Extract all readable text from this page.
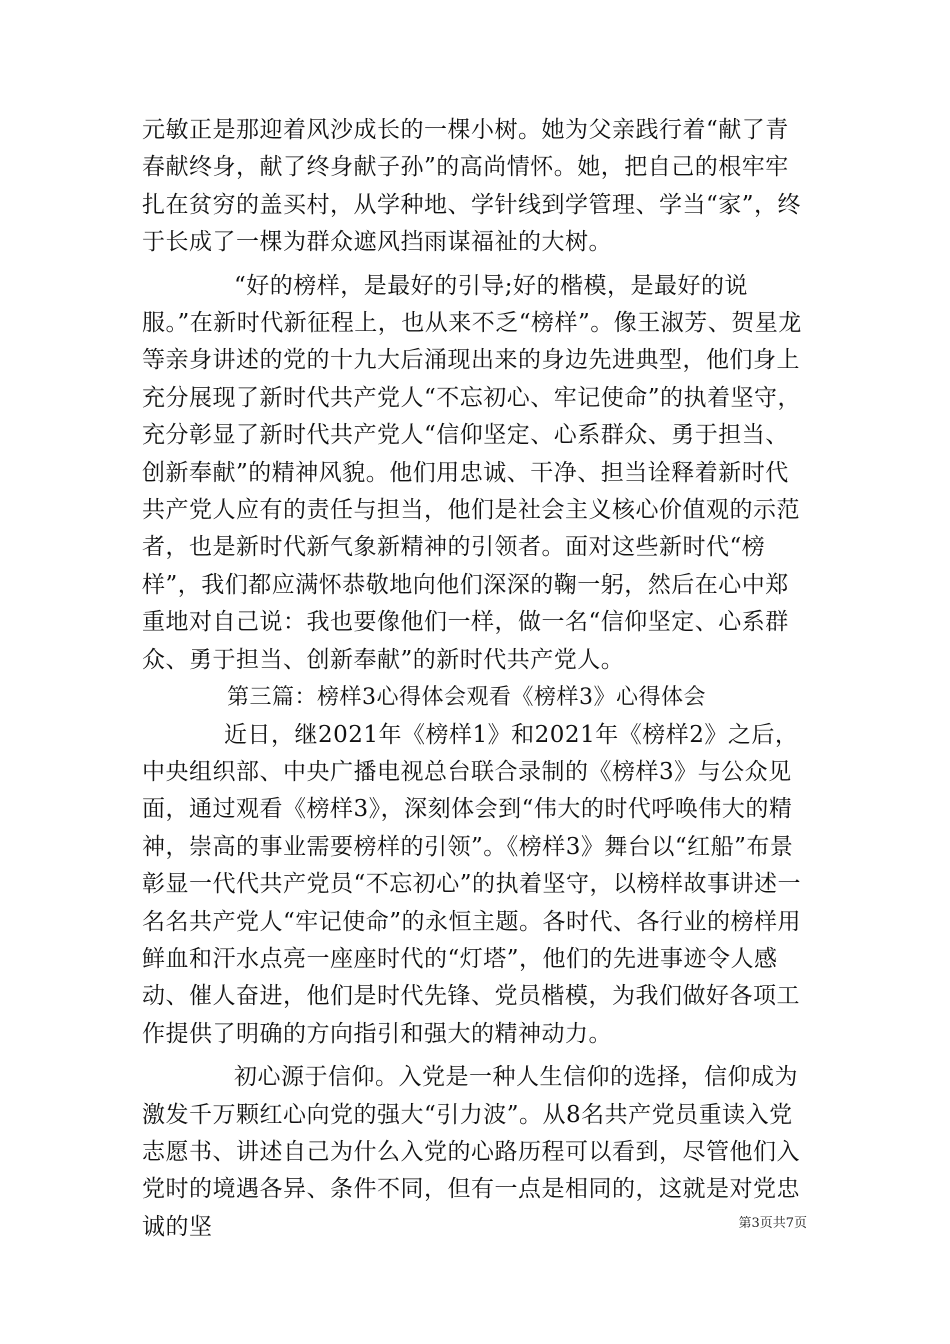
元敏正是那迎着风沙成长的一棵小树。她为父亲践行着“献了青春献终身，献了终身献子孙”的高尚情怀。她，把自己的根牢牢扎在贫穷的盖买村，从学种地、学针线到学管理、学当“家”，终于长成了一棵为群众遮风挡雨谋福祉的大树。

“好的榜样，是最好的引导;好的楷模，是最好的说服。”在新时代新征程上，也从来不乏“榜样”。像王淑芳、贺星龙等亲身讲述的党的十九大后涌现出来的身边先进典型，他们身上充分展现了新时代共产党人“不忘初心、牢记使命”的执着坚守，充分彰显了新时代共产党人“信仰坚定、心系群众、勇于担当、创新奉献”的精神风貌。他们用忠诚、干净、担当诠释着新时代共产党人应有的责任与担当，他们是社会主义核心价值观的示范者，也是新时代新气象新精神的引领者。面对这些新时代“榜样”，我们都应满怀恭敬地向他们深深的鞠一躬，然后在心中郑重地对自己说：我也要像他们一样，做一名“信仰坚定、心系群众、勇于担当、创新奉献”的新时代共产党人。

第三篇：榜样3心得体会观看《榜样3》心得体会

近日，继2021年《榜样1》和2021年《榜样2》之后，中央组织部、中央广播电视总台联合录制的《榜样3》与公众见面，通过观看《榜样3》，深刻体会到“伟大的时代呼唤伟大的精神，崇高的事业需要榜样的引领”。《榜样3》舞台以“红船”布景彰显一代代共产党员“不忘初心”的执着坚守，以榜样故事讲述一名名共产党人“牢记使命”的永恒主题。各时代、各行业的榜样用鲜血和汗水点亮一座座时代的“灯塔”，他们的先进事迹令人感动、催人奋进，他们是时代先锋、党员楷模，为我们做好各项工作提供了明确的方向指引和强大的精神动力。

初心源于信仰。入党是一种人生信仰的选择，信仰成为激发千万颗红心向党的强大“引力波”。从8名共产党员重读入党志愿书、讲述自己为什么入党的心路历程可以看到，尽管他们入党时的境遇各异、条件不同，但有一点是相同的，这就是对党忠诚的坚	第3页共7页
